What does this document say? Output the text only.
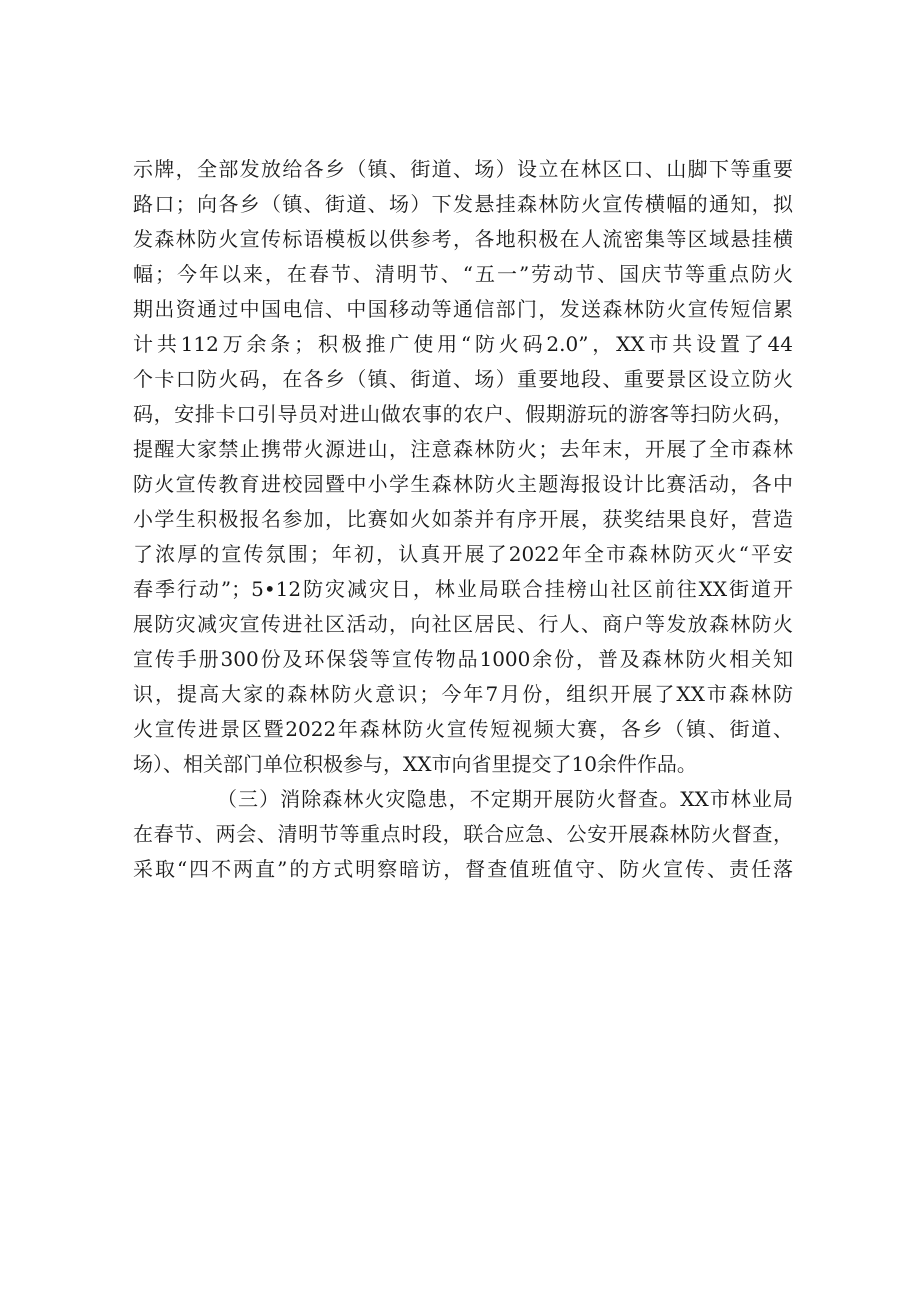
示牌，全部发放给各乡（镇、街道、场）设立在林区口、山脚下等重要
路口；向各乡（镇、街道、场）下发悬挂森林防火宣传横幅的通知，拟
发森林防火宣传标语模板以供参考，各地积极在人流密集等区域悬挂横
幅；今年以来，在春节、清明节、“五一”劳动节、国庆节等重点防火
期出资通过中国电信、中国移动等通信部门，发送森林防火宣传短信累
计共112万余条；积极推广使用“防火码2.0”，XX市共设置了44
个卡口防火码，在各乡（镇、街道、场）重要地段、重要景区设立防火
码，安排卡口引导员对进山做农事的农户、假期游玩的游客等扫防火码，
提醒大家禁止携带火源进山，注意森林防火；去年末，开展了全市森林
防火宣传教育进校园暨中小学生森林防火主题海报设计比赛活动，各中
小学生积极报名参加，比赛如火如荼并有序开展，获奖结果良好，营造
了浓厚的宣传氛围；年初，认真开展了2022年全市森林防灭火“平安
春季行动”；5•12防灾减灾日，林业局联合挂榜山社区前往XX街道开
展防灾减灾宣传进社区活动，向社区居民、行人、商户等发放森林防火
宣传手册300份及环保袋等宣传物品1000余份，普及森林防火相关知
识，提高大家的森林防火意识；今年7月份，组织开展了XX市森林防
火宣传进景区暨2022年森林防火宣传短视频大赛，各乡（镇、街道、
场）、相关部门单位积极参与，XX市向省里提交了10余件作品。
（三）消除森林火灾隐患，不定期开展防火督查。XX市林业局
在春节、两会、清明节等重点时段，联合应急、公安开展森林防火督查，
采取“四不两直”的方式明察暗访，督查值班值守、防火宣传、责任落
